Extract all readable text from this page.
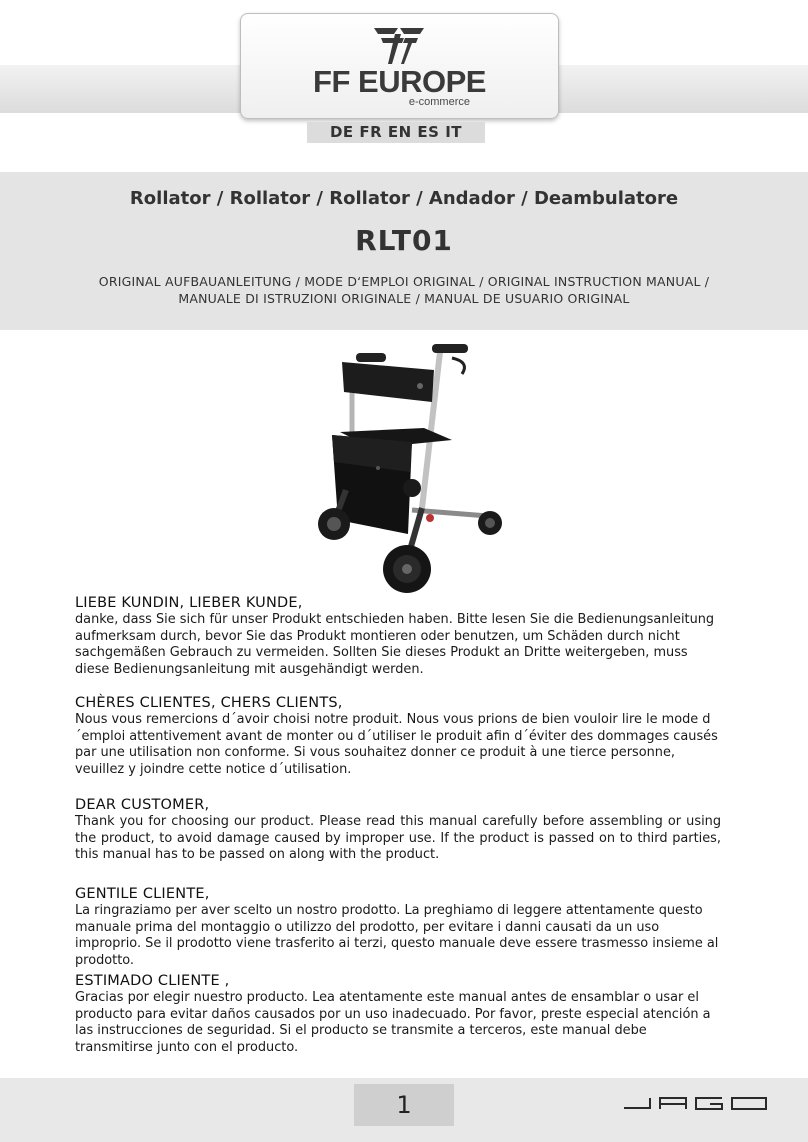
FF EUROPE
e-commerce
DE FR EN ES IT
Rollator / Rollator / Rollator / Andador / Deambulatore
RLT01
ORIGINAL AUFBAUANLEITUNG / MODE D‘EMPLOI ORIGINAL / ORIGINAL INSTRUCTION MANUAL /
MANUALE DI ISTRUZIONI ORIGINALE / MANUAL DE USUARIO ORIGINAL
LIEBE KUNDIN, LIEBER KUNDE,

danke, dass Sie sich für unser Produkt entschieden haben. Bitte lesen Sie die Bedienungsanleitung aufmerksam durch, bevor Sie das Produkt montieren oder benutzen, um Schäden durch nicht sachgemäßen Gebrauch zu vermeiden. Sollten Sie dieses Produkt an Dritte weitergeben, muss diese Bedienungsanleitung mit ausgehändigt werden.

CHÈRES CLIENTES, CHERS CLIENTS,

Nous vous remercions d´avoir choisi notre produit. Nous vous prions de bien vouloir lire le mode d´emploi attentivement avant de monter ou d´utiliser le produit afin d´éviter des dommages causés par une utilisation non conforme. Si vous souhaitez donner ce produit à une tierce personne, veuillez y joindre cette notice d´utilisation.

DEAR CUSTOMER,

Thank you for choosing our product. Please read this manual carefully before assembling or using the product, to avoid damage caused by improper use. If the product is passed on to third parties, this manual has to be passed on along with the product.

GENTILE CLIENTE,

La ringraziamo per aver scelto un nostro prodotto. La preghiamo di leggere attentamente questo manuale prima del montaggio o utilizzo del prodotto, per evitare i danni causati da un uso improprio. Se il prodotto viene trasferito ai terzi, questo manuale deve essere trasmesso insieme al prodotto.

ESTIMADO CLIENTE ,

Gracias por elegir nuestro producto. Lea atentamente este manual antes de ensamblar o usar el producto para evitar daños causados por un uso inadecuado. Por favor, preste especial atención a las instrucciones de seguridad. Si el producto se transmite a terceros, este manual debe transmitirse junto con el producto.

1
